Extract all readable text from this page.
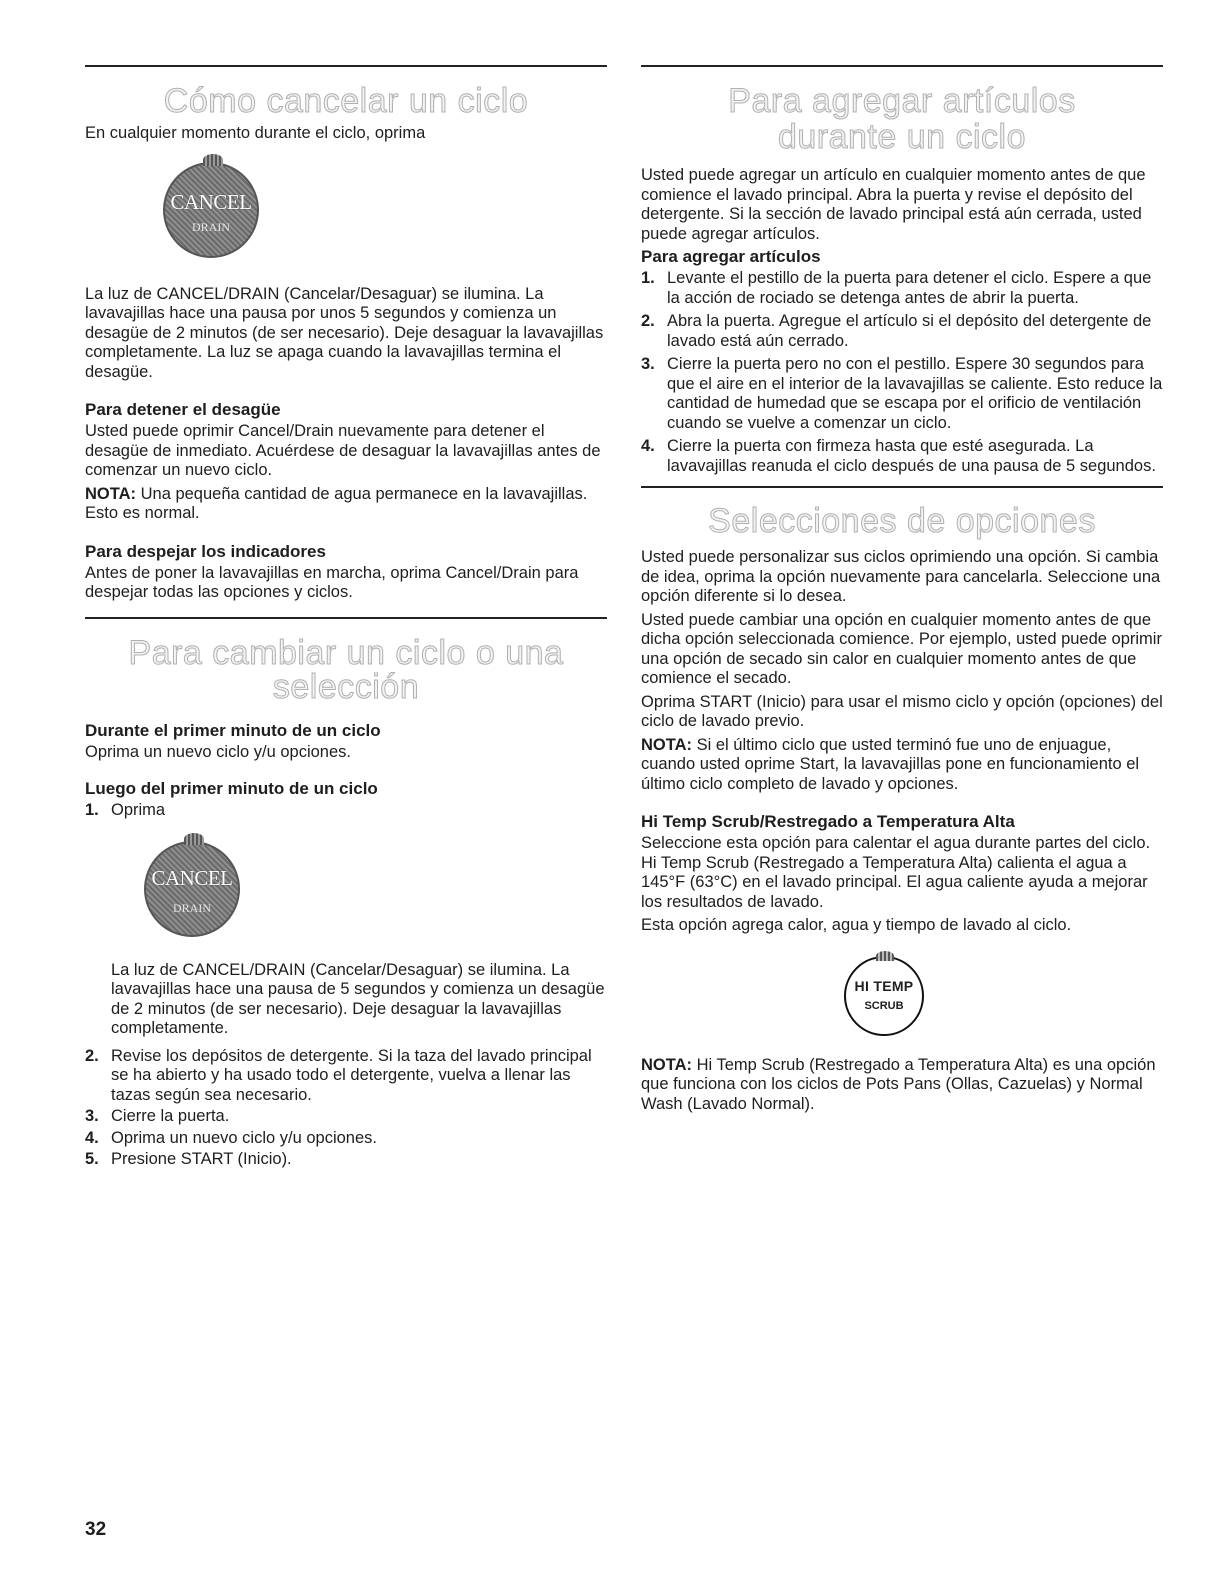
Cómo cancelar un ciclo

En cualquier momento durante el ciclo, oprima

CANCEL
DRAIN

La luz de CANCEL/DRAIN (Cancelar/Desaguar) se ilumina. La lavavajillas hace una pausa por unos 5 segundos y comienza un desagüe de 2 minutos (de ser necesario). Deje desaguar la lavavajillas completamente. La luz se apaga cuando la lavavajillas termina el desagüe.

Para detener el desagüe

Usted puede oprimir Cancel/Drain nuevamente para detener el desagüe de inmediato. Acuérdese de desaguar la lavavajillas antes de comenzar un nuevo ciclo.

NOTA: Una pequeña cantidad de agua permanece en la lavavajillas. Esto es normal.

Para despejar los indicadores

Antes de poner la lavavajillas en marcha, oprima Cancel/Drain para despejar todas las opciones y ciclos.

Para cambiar un ciclo o una selección
Durante el primer minuto de un ciclo

Oprima un nuevo ciclo y/u opciones.

Luego del primer minuto de un ciclo
1. Oprima
CANCEL
DRAIN

La luz de CANCEL/DRAIN (Cancelar/Desaguar) se ilumina. La lavavajillas hace una pausa de 5 segundos y comienza un desagüe de 2 minutos (de ser necesario). Deje desaguar la lavavajillas completamente.

2. Revise los depósitos de detergente. Si la taza del lavado principal se ha abierto y ha usado todo el detergente, vuelva a llenar las tazas según sea necesario.
3. Cierre la puerta.
4. Oprima un nuevo ciclo y/u opciones.
5. Presione START (Inicio).
Para agregar artículos
durante un ciclo

Usted puede agregar un artículo en cualquier momento antes de que comience el lavado principal. Abra la puerta y revise el depósito del detergente. Si la sección de lavado principal está aún cerrada, usted puede agregar artículos.

Para agregar artículos
1. Levante el pestillo de la puerta para detener el ciclo. Espere a que la acción de rociado se detenga antes de abrir la puerta.
2. Abra la puerta. Agregue el artículo si el depósito del detergente de lavado está aún cerrado.
3. Cierre la puerta pero no con el pestillo. Espere 30 segundos para que el aire en el interior de la lavavajillas se caliente. Esto reduce la cantidad de humedad que se escapa por el orificio de ventilación cuando se vuelve a comenzar un ciclo.
4. Cierre la puerta con firmeza hasta que esté asegurada. La lavavajillas reanuda el ciclo después de una pausa de 5 segundos.
Selecciones de opciones

Usted puede personalizar sus ciclos oprimiendo una opción. Si cambia de idea, oprima la opción nuevamente para cancelarla. Seleccione una opción diferente si lo desea.

Usted puede cambiar una opción en cualquier momento antes de que dicha opción seleccionada comience. Por ejemplo, usted puede oprimir una opción de secado sin calor en cualquier momento antes de que comience el secado.

Oprima START (Inicio) para usar el mismo ciclo y opción (opciones) del ciclo de lavado previo.

NOTA: Si el último ciclo que usted terminó fue uno de enjuague, cuando usted oprime Start, la lavavajillas pone en funcionamiento el último ciclo completo de lavado y opciones.

Hi Temp Scrub/Restregado a Temperatura Alta

Seleccione esta opción para calentar el agua durante partes del ciclo. Hi Temp Scrub (Restregado a Temperatura Alta) calienta el agua a 145°F (63°C) en el lavado principal. El agua caliente ayuda a mejorar los resultados de lavado.

Esta opción agrega calor, agua y tiempo de lavado al ciclo.

HI TEMP
SCRUB

NOTA: Hi Temp Scrub (Restregado a Temperatura Alta) es una opción que funciona con los ciclos de Pots Pans (Ollas, Cazuelas) y Normal Wash (Lavado Normal).

32
